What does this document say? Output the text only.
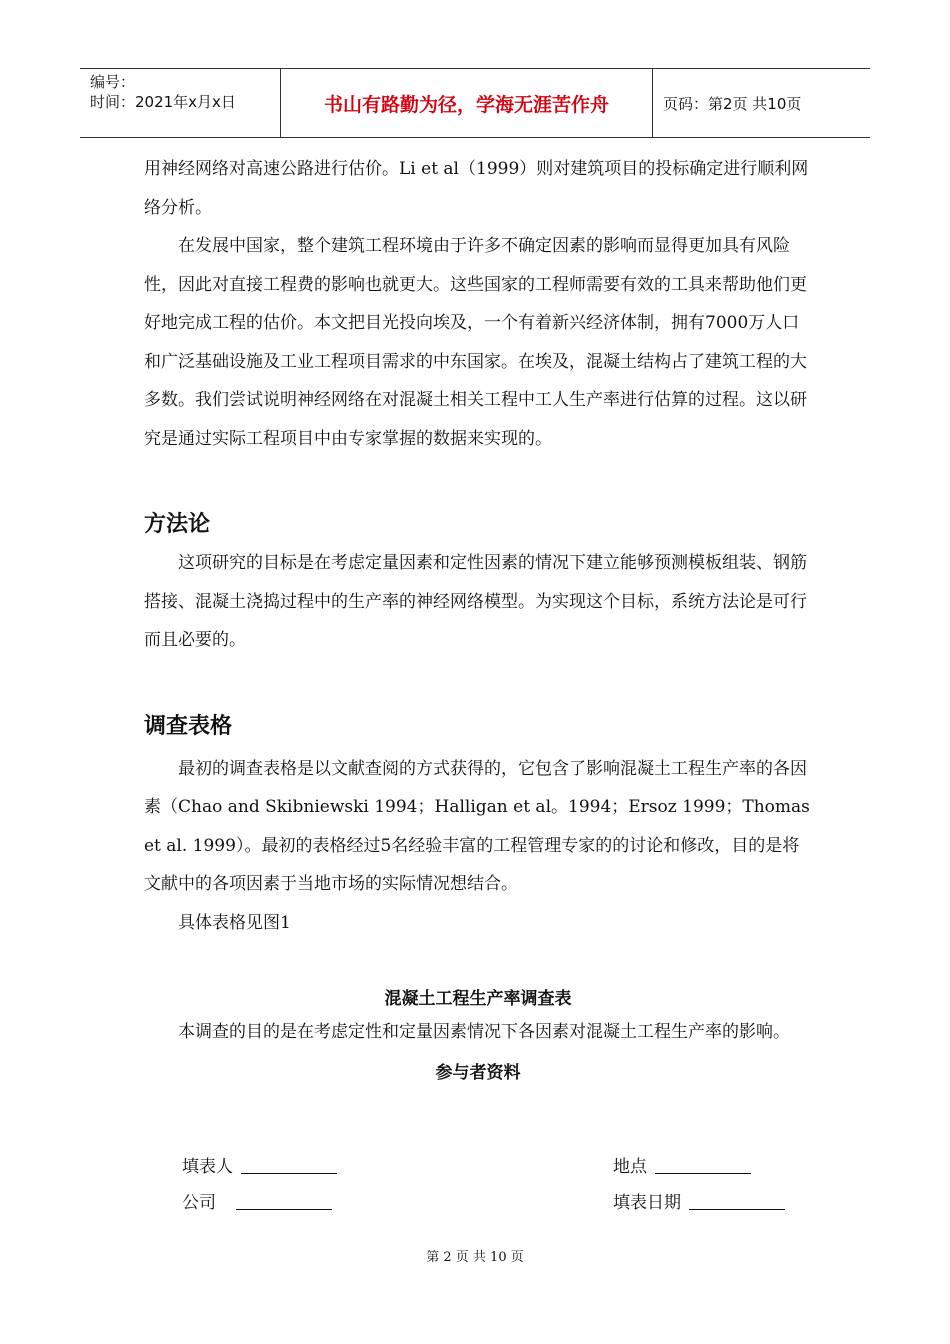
编号：
时间：2021年x月x日	书山有路勤为径，学海无涯苦作舟	页码：第2页 共10页

用神经网络对高速公路进行估价。Li et al（1999）则对建筑项目的投标确定进行顺利网络分析。

在发展中国家，整个建筑工程环境由于许多不确定因素的影响而显得更加具有风险性，因此对直接工程费的影响也就更大。这些国家的工程师需要有效的工具来帮助他们更好地完成工程的估价。本文把目光投向埃及，一个有着新兴经济体制，拥有7000万人口和广泛基础设施及工业工程项目需求的中东国家。在埃及，混凝土结构占了建筑工程的大多数。我们尝试说明神经网络在对混凝土相关工程中工人生产率进行估算的过程。这以研究是通过实际工程项目中由专家掌握的数据来实现的。

方法论

这项研究的目标是在考虑定量因素和定性因素的情况下建立能够预测模板组装、钢筋搭接、混凝土浇捣过程中的生产率的神经网络模型。为实现这个目标，系统方法论是可行而且必要的。

调查表格

最初的调查表格是以文献查阅的方式获得的，它包含了影响混凝土工程生产率的各因素（Chao and Skibniewski 1994；Halligan et al。1994；Ersoz 1999；Thomas et al. 1999）。最初的表格经过5名经验丰富的工程管理专家的的讨论和修改，目的是将文献中的各项因素于当地市场的实际情况想结合。

具体表格见图1

混凝土工程生产率调查表

本调查的目的是在考虑定性和定量因素情况下各因素对混凝土工程生产率的影响。

参与者资料

填表人	地点
公司	填表日期
第 2 页 共 10 页
